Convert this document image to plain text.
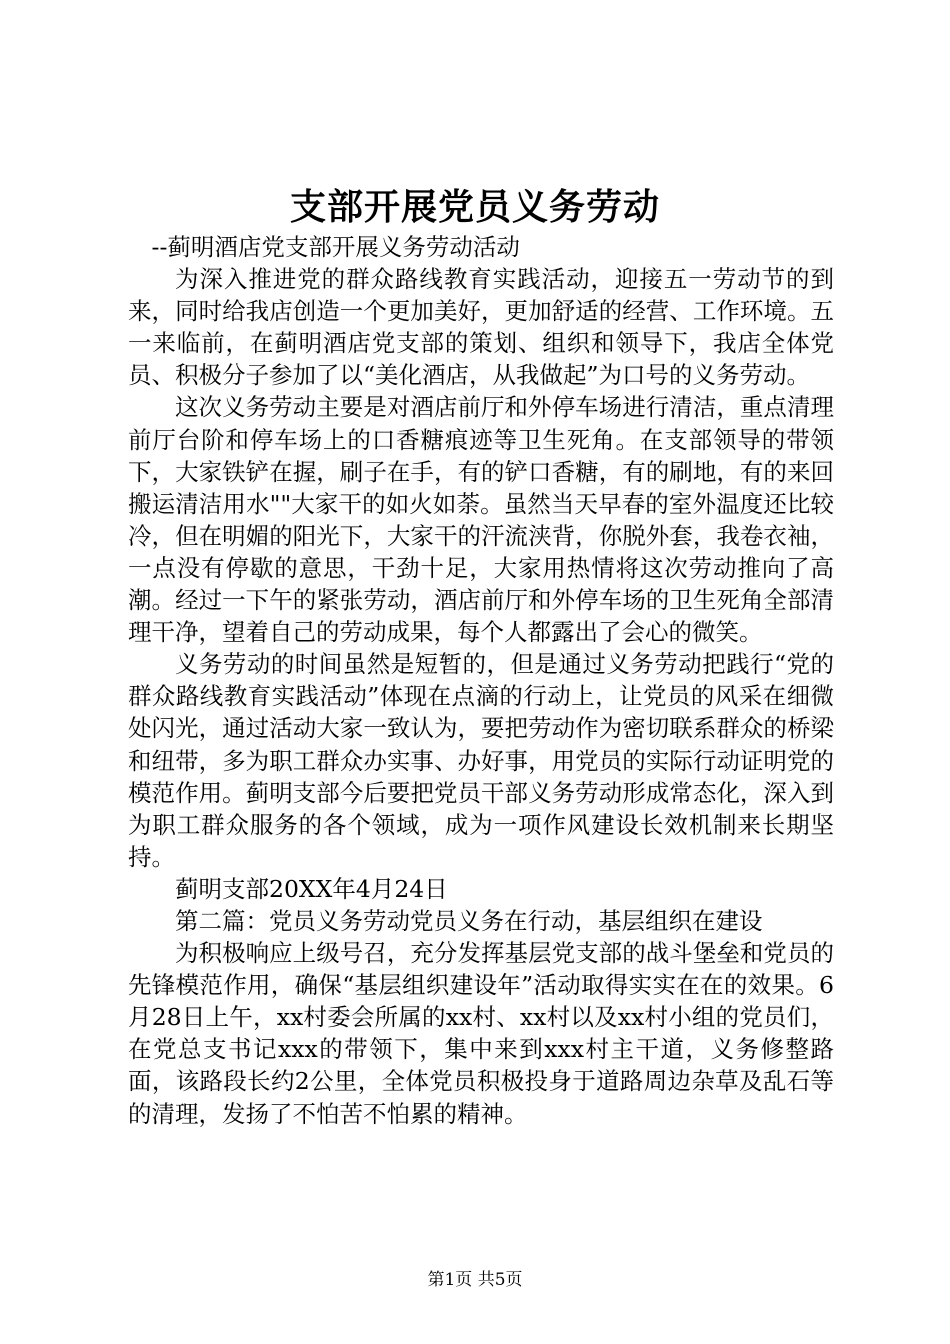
支部开展党员义务劳动

--蓟明酒店党支部开展义务劳动活动

为深入推进党的群众路线教育实践活动，迎接五一劳动节的到来，同时给我店创造一个更加美好，更加舒适的经营、工作环境。五一来临前，在蓟明酒店党支部的策划、组织和领导下，我店全体党员、积极分子参加了以“美化酒店，从我做起”为口号的义务劳动。

这次义务劳动主要是对酒店前厅和外停车场进行清洁，重点清理前厅台阶和停车场上的口香糖痕迹等卫生死角。在支部领导的带领下，大家铁铲在握，刷子在手，有的铲口香糖，有的刷地，有的来回搬运清洁用水""大家干的如火如荼。虽然当天早春的室外温度还比较冷，但在明媚的阳光下，大家干的汗流浃背，你脱外套，我卷衣袖，一点没有停歇的意思，干劲十足，大家用热情将这次劳动推向了高潮。经过一下午的紧张劳动，酒店前厅和外停车场的卫生死角全部清理干净，望着自己的劳动成果，每个人都露出了会心的微笑。

义务劳动的时间虽然是短暂的，但是通过义务劳动把践行“党的群众路线教育实践活动”体现在点滴的行动上，让党员的风采在细微处闪光，通过活动大家一致认为，要把劳动作为密切联系群众的桥梁和纽带，多为职工群众办实事、办好事，用党员的实际行动证明党的模范作用。蓟明支部今后要把党员干部义务劳动形成常态化，深入到为职工群众服务的各个领域，成为一项作风建设长效机制来长期坚持。

蓟明支部20XX年4月24日

第二篇：党员义务劳动党员义务在行动，基层组织在建设

为积极响应上级号召，充分发挥基层党支部的战斗堡垒和党员的先锋模范作用，确保“基层组织建设年”活动取得实实在在的效果。6月28日上午，xx村委会所属的xx村、xx村以及xx村小组的党员们，在党总支书记xxx的带领下，集中来到xxx村主干道，义务修整路面，该路段长约2公里，全体党员积极投身于道路周边杂草及乱石等的清理，发扬了不怕苦不怕累的精神。

第1页 共5页
